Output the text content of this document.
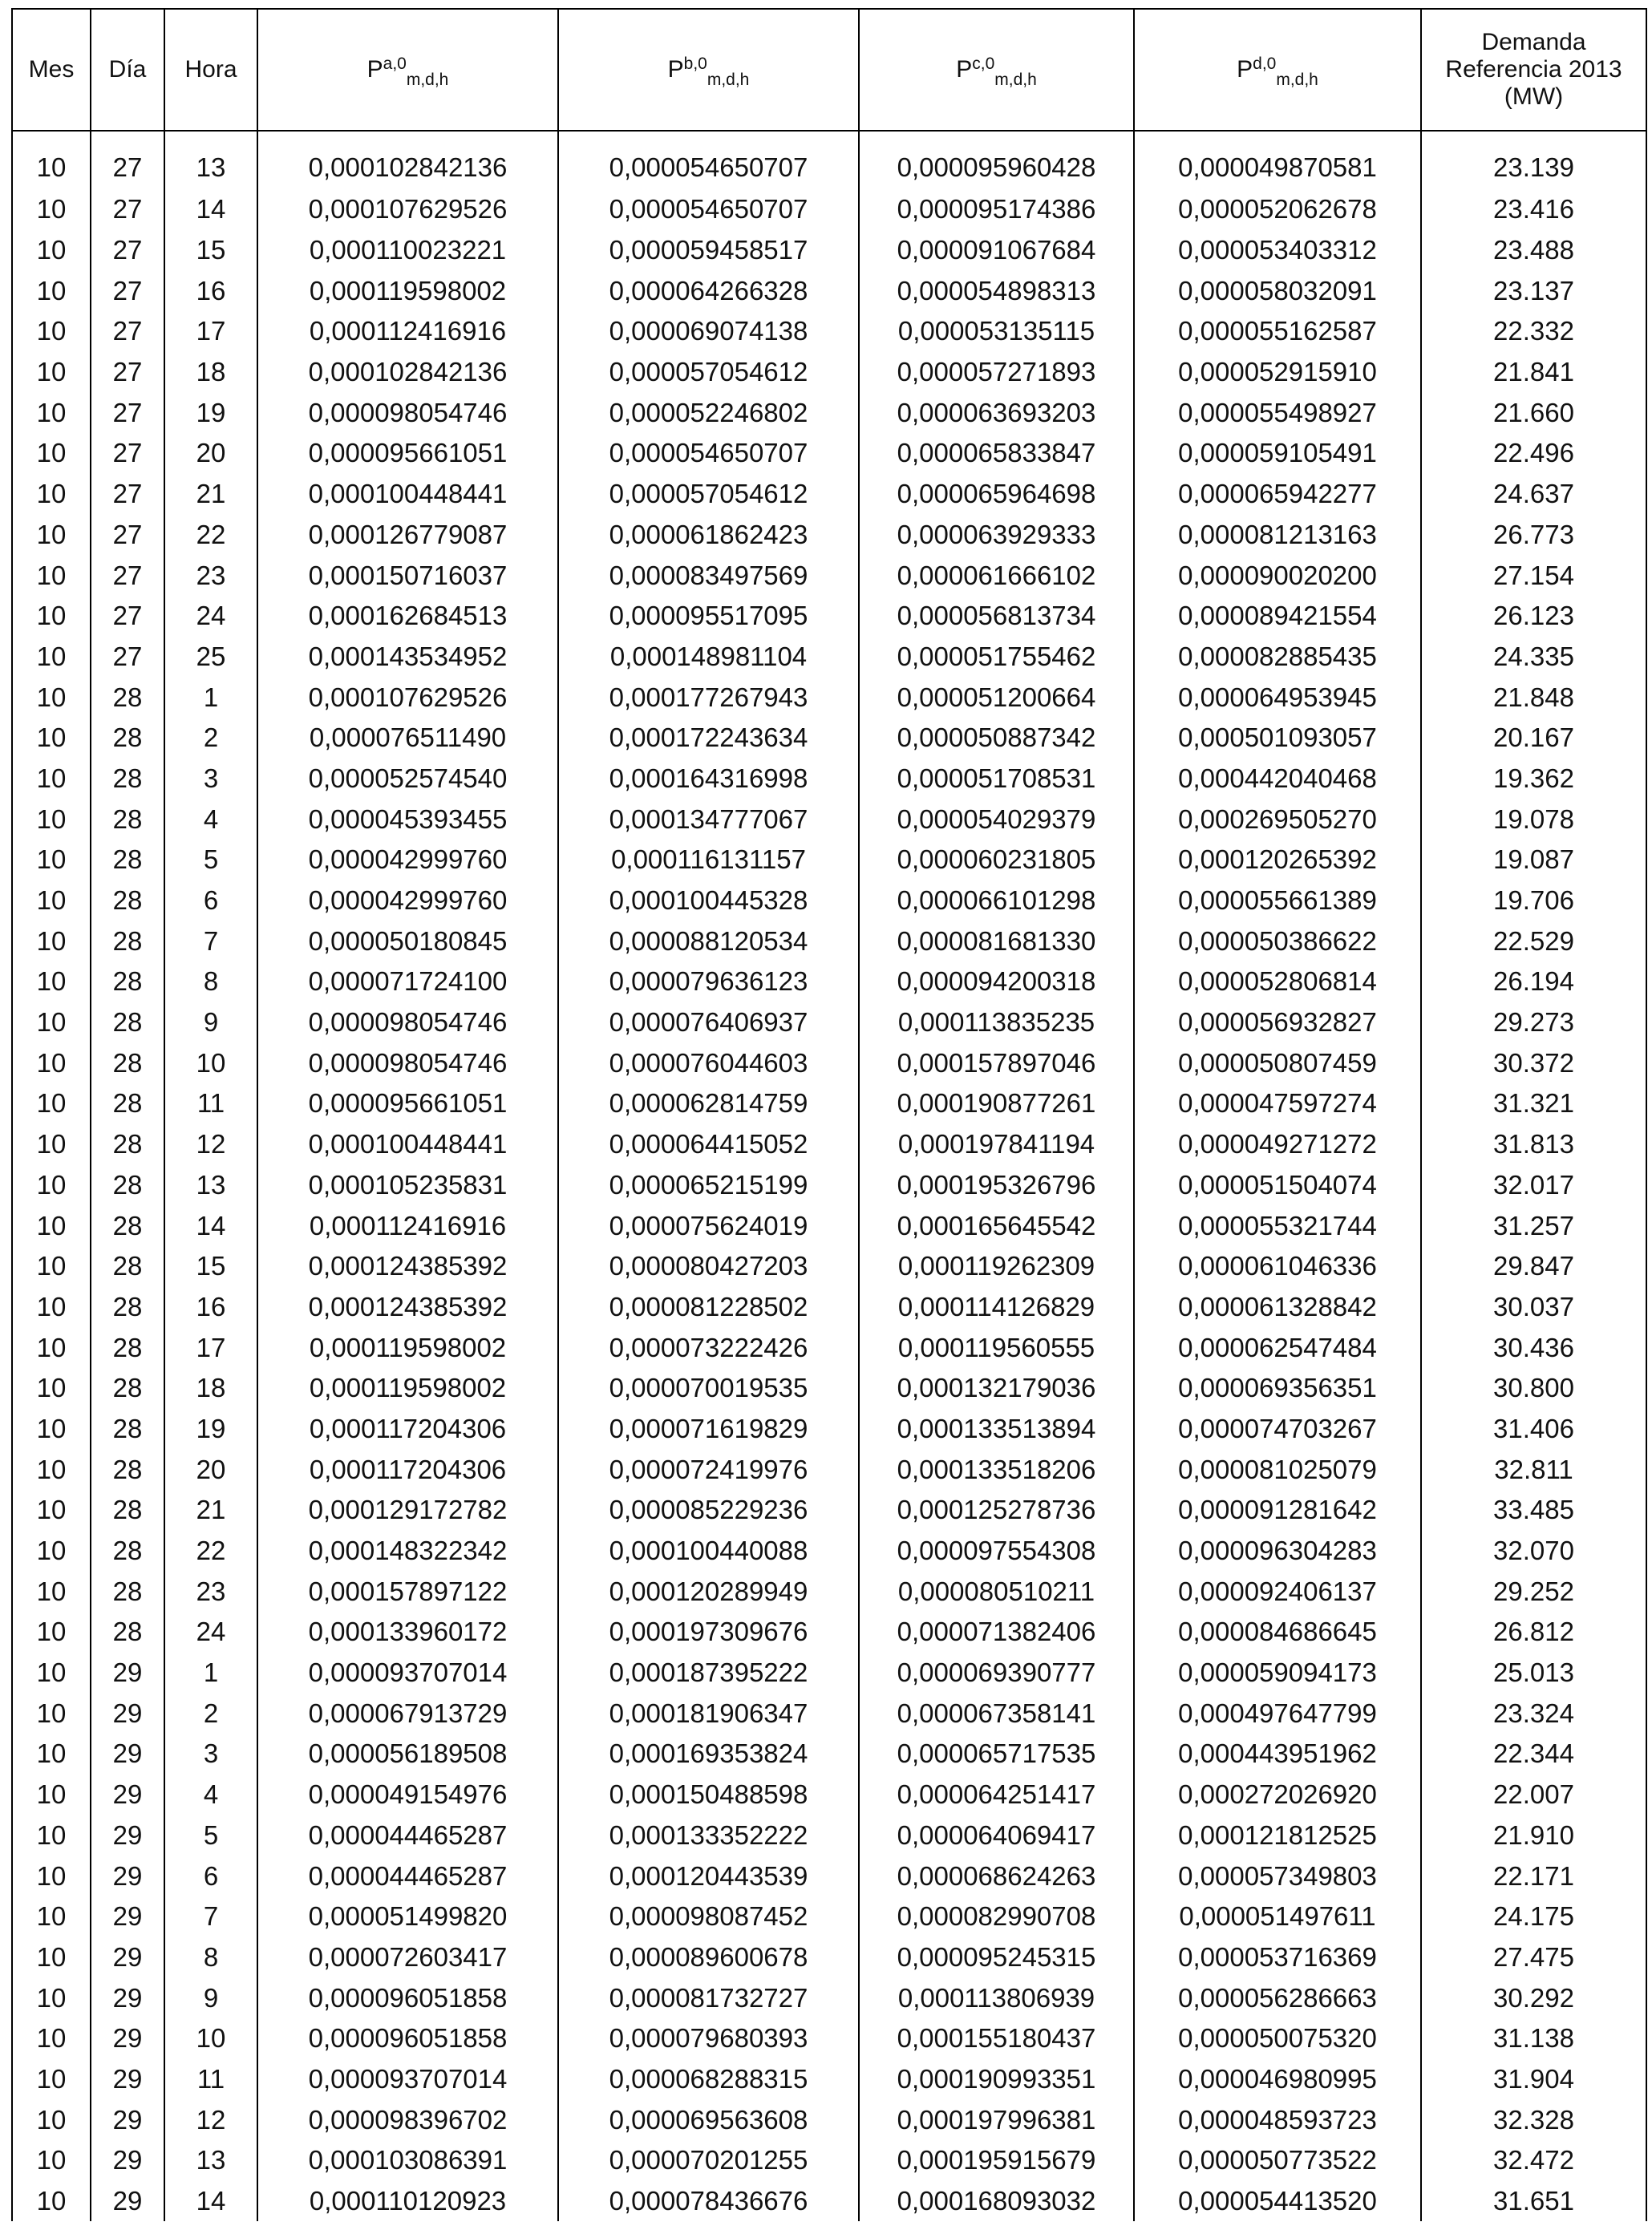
Mes	Día	Hora	P$^{a,0}_{m,d,h}$	P$^{b,0}_{m,d,h}$	P$^{c,0}_{m,d,h}$	P$^{d,0}_{m,d,h}$	Demanda
Referencia 2013
(MW)

10	27	13	0,000102842136	0,000054650707	0,000095960428	0,000049870581	23.139
10	27	14	0,000107629526	0,000054650707	0,000095174386	0,000052062678	23.416
10	27	15	0,000110023221	0,000059458517	0,000091067684	0,000053403312	23.488
10	27	16	0,000119598002	0,000064266328	0,000054898313	0,000058032091	23.137
10	27	17	0,000112416916	0,000069074138	0,000053135115	0,000055162587	22.332
10	27	18	0,000102842136	0,000057054612	0,000057271893	0,000052915910	21.841
10	27	19	0,000098054746	0,000052246802	0,000063693203	0,000055498927	21.660
10	27	20	0,000095661051	0,000054650707	0,000065833847	0,000059105491	22.496
10	27	21	0,000100448441	0,000057054612	0,000065964698	0,000065942277	24.637
10	27	22	0,000126779087	0,000061862423	0,000063929333	0,000081213163	26.773
10	27	23	0,000150716037	0,000083497569	0,000061666102	0,000090020200	27.154
10	27	24	0,000162684513	0,000095517095	0,000056813734	0,000089421554	26.123
10	27	25	0,000143534952	0,000148981104	0,000051755462	0,000082885435	24.335
10	28	1	0,000107629526	0,000177267943	0,000051200664	0,000064953945	21.848
10	28	2	0,000076511490	0,000172243634	0,000050887342	0,000501093057	20.167
10	28	3	0,000052574540	0,000164316998	0,000051708531	0,000442040468	19.362
10	28	4	0,000045393455	0,000134777067	0,000054029379	0,000269505270	19.078
10	28	5	0,000042999760	0,000116131157	0,000060231805	0,000120265392	19.087
10	28	6	0,000042999760	0,000100445328	0,000066101298	0,000055661389	19.706
10	28	7	0,000050180845	0,000088120534	0,000081681330	0,000050386622	22.529
10	28	8	0,000071724100	0,000079636123	0,000094200318	0,000052806814	26.194
10	28	9	0,000098054746	0,000076406937	0,000113835235	0,000056932827	29.273
10	28	10	0,000098054746	0,000076044603	0,000157897046	0,000050807459	30.372
10	28	11	0,000095661051	0,000062814759	0,000190877261	0,000047597274	31.321
10	28	12	0,000100448441	0,000064415052	0,000197841194	0,000049271272	31.813
10	28	13	0,000105235831	0,000065215199	0,000195326796	0,000051504074	32.017
10	28	14	0,000112416916	0,000075624019	0,000165645542	0,000055321744	31.257
10	28	15	0,000124385392	0,000080427203	0,000119262309	0,000061046336	29.847
10	28	16	0,000124385392	0,000081228502	0,000114126829	0,000061328842	30.037
10	28	17	0,000119598002	0,000073222426	0,000119560555	0,000062547484	30.436
10	28	18	0,000119598002	0,000070019535	0,000132179036	0,000069356351	30.800
10	28	19	0,000117204306	0,000071619829	0,000133513894	0,000074703267	31.406
10	28	20	0,000117204306	0,000072419976	0,000133518206	0,000081025079	32.811
10	28	21	0,000129172782	0,000085229236	0,000125278736	0,000091281642	33.485
10	28	22	0,000148322342	0,000100440088	0,000097554308	0,000096304283	32.070
10	28	23	0,000157897122	0,000120289949	0,000080510211	0,000092406137	29.252
10	28	24	0,000133960172	0,000197309676	0,000071382406	0,000084686645	26.812
10	29	1	0,000093707014	0,000187395222	0,000069390777	0,000059094173	25.013
10	29	2	0,000067913729	0,000181906347	0,000067358141	0,000497647799	23.324
10	29	3	0,000056189508	0,000169353824	0,000065717535	0,000443951962	22.344
10	29	4	0,000049154976	0,000150488598	0,000064251417	0,000272026920	22.007
10	29	5	0,000044465287	0,000133352222	0,000064069417	0,000121812525	21.910
10	29	6	0,000044465287	0,000120443539	0,000068624263	0,000057349803	22.171
10	29	7	0,000051499820	0,000098087452	0,000082990708	0,000051497611	24.175
10	29	8	0,000072603417	0,000089600678	0,000095245315	0,000053716369	27.475
10	29	9	0,000096051858	0,000081732727	0,000113806939	0,000056286663	30.292
10	29	10	0,000096051858	0,000079680393	0,000155180437	0,000050075320	31.138
10	29	11	0,000093707014	0,000068288315	0,000190993351	0,000046980995	31.904
10	29	12	0,000098396702	0,000069563608	0,000197996381	0,000048593723	32.328
10	29	13	0,000103086391	0,000070201255	0,000195915679	0,000050773522	32.472
10	29	14	0,000110120923	0,000078436676	0,000168093032	0,000054413520	31.651
